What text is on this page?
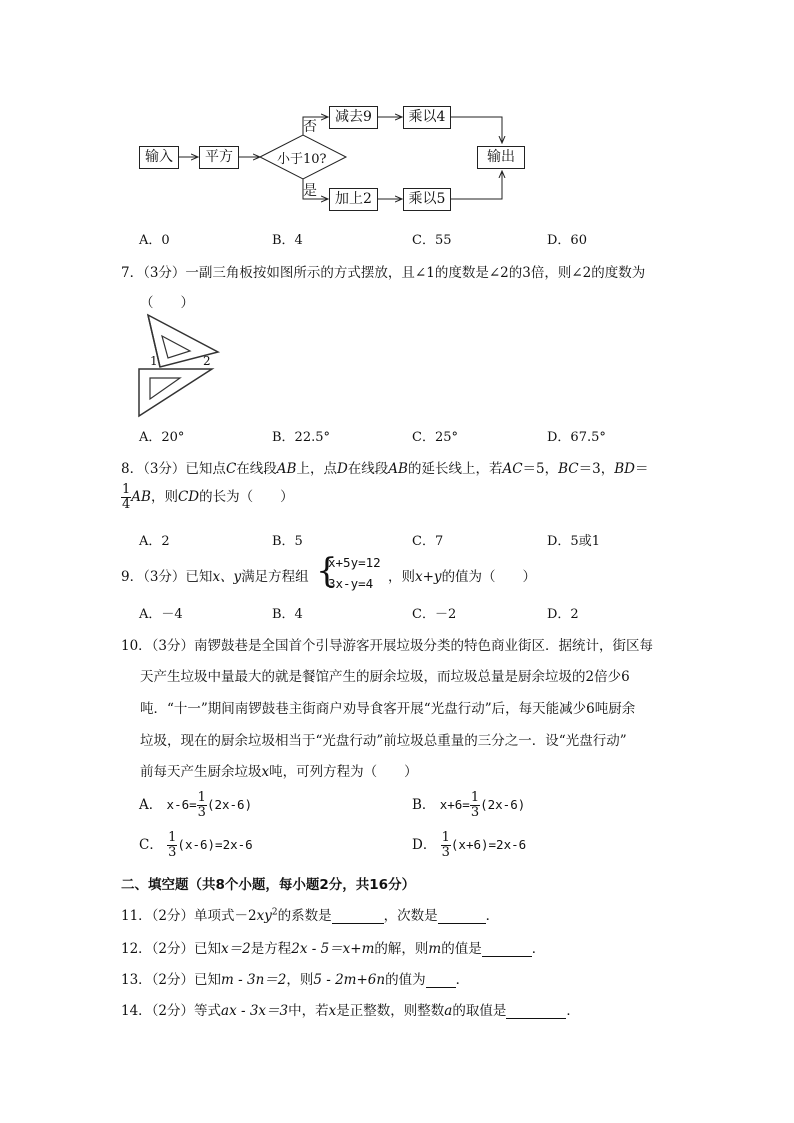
输入	平方	小于10?
否
是
减去9	乘以4
加上2	乘以5
输出
A．0	B．4	C．55	D．60
7．（3分）一副三角板按如图所示的方式摆放，且∠1的度数是∠2的3倍，则∠2的度数为
（　　）
1	2
A．20°	B．22.5°	C．25°	D．67.5°
8．（3分）已知点C在线段AB上，点D在线段AB的延长线上，若AC＝5，BC＝3，BD＝
$\frac{1}{4}$ AB，则CD的长为（　　）
A．2	B．5	C．7	D．5或1
9．（3分）已知x、y满足方程组 {
x+5y=12
3x-y=4 ，则x+y的值为（　　）
A．－4	B．4	C．－2	D．2
10．（3分）南锣鼓巷是全国首个引导游客开展垃圾分类的特色商业街区．据统计，街区每
天产生垃圾中量最大的就是餐馆产生的厨余垃圾，而垃圾总量是厨余垃圾的2倍少6
吨．“十一”期间南锣鼓巷主街商户劝导食客开展“光盘行动”后，每天能减少6吨厨余
垃圾，现在的厨余垃圾相当于“光盘行动”前垃圾总重量的三分之一．设“光盘行动”
前每天产生厨余垃圾x吨，可列方程为（　　）
A． $x-6= \frac{1}{3} (2x-6)$	B． $x+6= \frac{1}{3} (2x-6)$
C． $\frac{1}{3} (x-6)=2x-6$	D． $\frac{1}{3} (x+6)=2x-6$
二、填空题（共8个小题，每小题2分，共16分）
11．（2分）单项式$-2xy^2$的系数是	，次数是	．
12．（2分）已知x＝2是方程2x - 5＝x+m的解，则m的值是	．
13．（2分）已知m - 3n＝2，则5 - 2m+6n的值为 ．
14．（2分）等式ax - 3x＝3中，若x是正整数，则整数a的取值是	．
